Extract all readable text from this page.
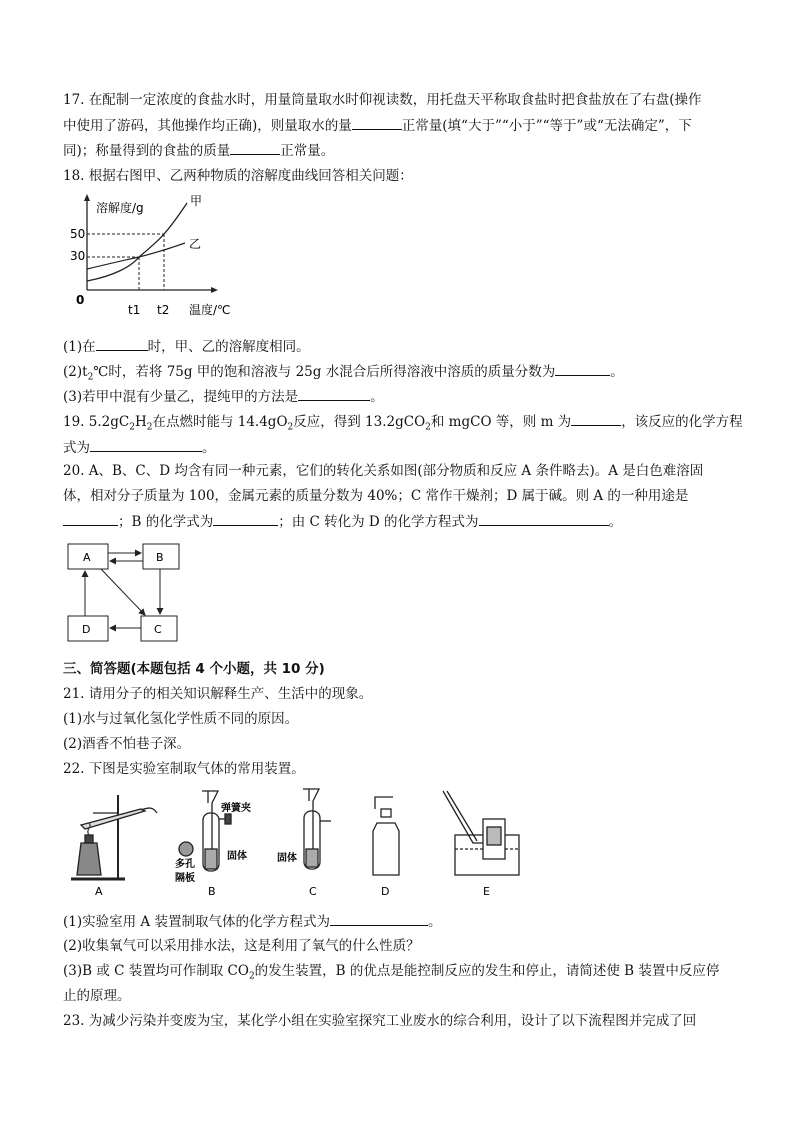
17. 在配制一定浓度的食盐水时，用量筒量取水时仰视读数，用托盘天平称取食盐时把食盐放在了右盘(操作
中使用了游码，其他操作均正确)，则量取水的量	正常量(填“大于”“小于”“等于”或“无法确定”，下
同)；称量得到的食盐的质量	正常量。
18. 根据右图甲、乙两种物质的溶解度曲线回答相关问题：
溶解度/g
0
50
30
t1 t2 温度/℃
甲
乙
(1)在	时，甲、乙的溶解度相同。
$(2)t_2℃$时，若将 75g 甲的饱和溶液与 25g 水混合后所得溶液中溶质的质量分数为	。
(3)若甲中混有少量乙，提纯甲的方法是	。
19. $5.2gC_2H_2$在点燃时能与 $14.4gO_2$反应，得到 13.2gCO$_2$和 mgCO 等，则 m 为	，该反应的化学方程
式为	。
20. A、B、C、D 均含有同一种元素，它们的转化关系如图(部分物质和反应 A 条件略去)。A 是白色难溶固
体，相对分子质量为 100，金属元素的质量分数为 40%；C 常作干燥剂；D 属于碱。则 A 的一种用途是
；B 的化学式为	；由 C 转化为 D 的化学方程式为	。
A	B
C
D
三、简答题(本题包括 4 个小题，共 10 分)
21. 请用分子的相关知识解释生产、生活中的现象。
(1)水与过氧化氢化学性质不同的原因。
(2)酒香不怕巷子深。
22. 下图是实验室制取气体的常用装置。
A
弹簧夹
固体
多孔
隔板
B
固体
C	D	E
(1)实验室用 A 装置制取气体的化学方程式为	。
(2)收集氧气可以采用排水法，这是利用了氧气的什么性质？
(3)B 或 C 装置均可作制取 $CO_2$的发生装置，B 的优点是能控制反应的发生和停止，请简述使 B 装置中反应停
止的原理。
23. 为减少污染并变废为宝，某化学小组在实验室探究工业废水的综合利用，设计了以下流程图并完成了回
